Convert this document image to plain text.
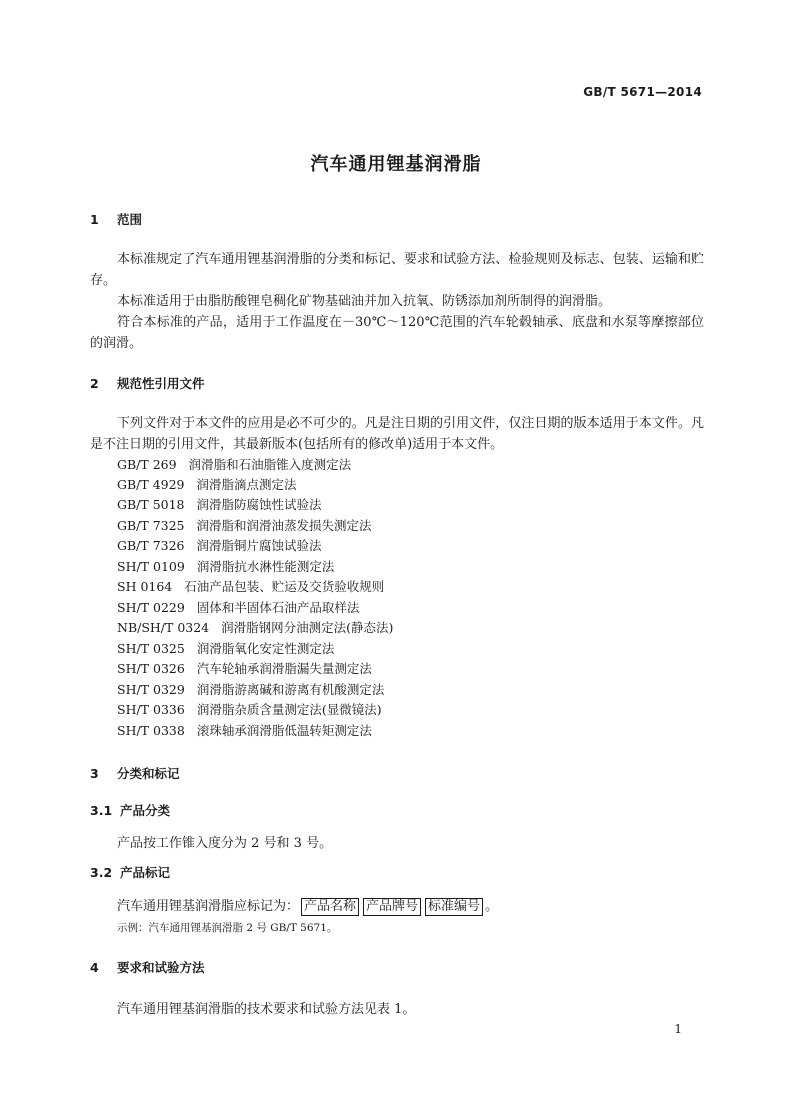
GB/T 5671—2014
汽车通用锂基润滑脂
1 范围

本标准规定了汽车通用锂基润滑脂的分类和标记、要求和试验方法、检验规则及标志、包装、运输和贮存。

本标准适用于由脂肪酸锂皂稠化矿物基础油并加入抗氧、防锈添加剂所制得的润滑脂。

符合本标准的产品，适用于工作温度在－30℃～120℃范围的汽车轮毂轴承、底盘和水泵等摩擦部位的润滑。

2 规范性引用文件

下列文件对于本文件的应用是必不可少的。凡是注日期的引用文件，仅注日期的版本适用于本文件。凡是不注日期的引用文件，其最新版本(包括所有的修改单)适用于本文件。

GB/T 269 润滑脂和石油脂锥入度测定法
GB/T 4929 润滑脂滴点测定法
GB/T 5018 润滑脂防腐蚀性试验法
GB/T 7325 润滑脂和润滑油蒸发损失测定法
GB/T 7326 润滑脂铜片腐蚀试验法
SH/T 0109 润滑脂抗水淋性能测定法
SH 0164 石油产品包装、贮运及交货验收规则
SH/T 0229 固体和半固体石油产品取样法
NB/SH/T 0324 润滑脂钢网分油测定法(静态法)
SH/T 0325 润滑脂氧化安定性测定法
SH/T 0326 汽车轮轴承润滑脂漏失量测定法
SH/T 0329 润滑脂游离碱和游离有机酸测定法
SH/T 0336 润滑脂杂质含量测定法(显微镜法)
SH/T 0338 滚珠轴承润滑脂低温转矩测定法
3 分类和标记
3.1 产品分类
产品按工作锥入度分为 2 号和 3 号。
3.2 产品标记
汽车通用锂基润滑脂应标记为： 产品名称 产品牌号 标准编号 。
示例：汽车通用锂基润滑脂 2 号 GB/T 5671。
4 要求和试验方法
汽车通用锂基润滑脂的技术要求和试验方法见表 1。
1
